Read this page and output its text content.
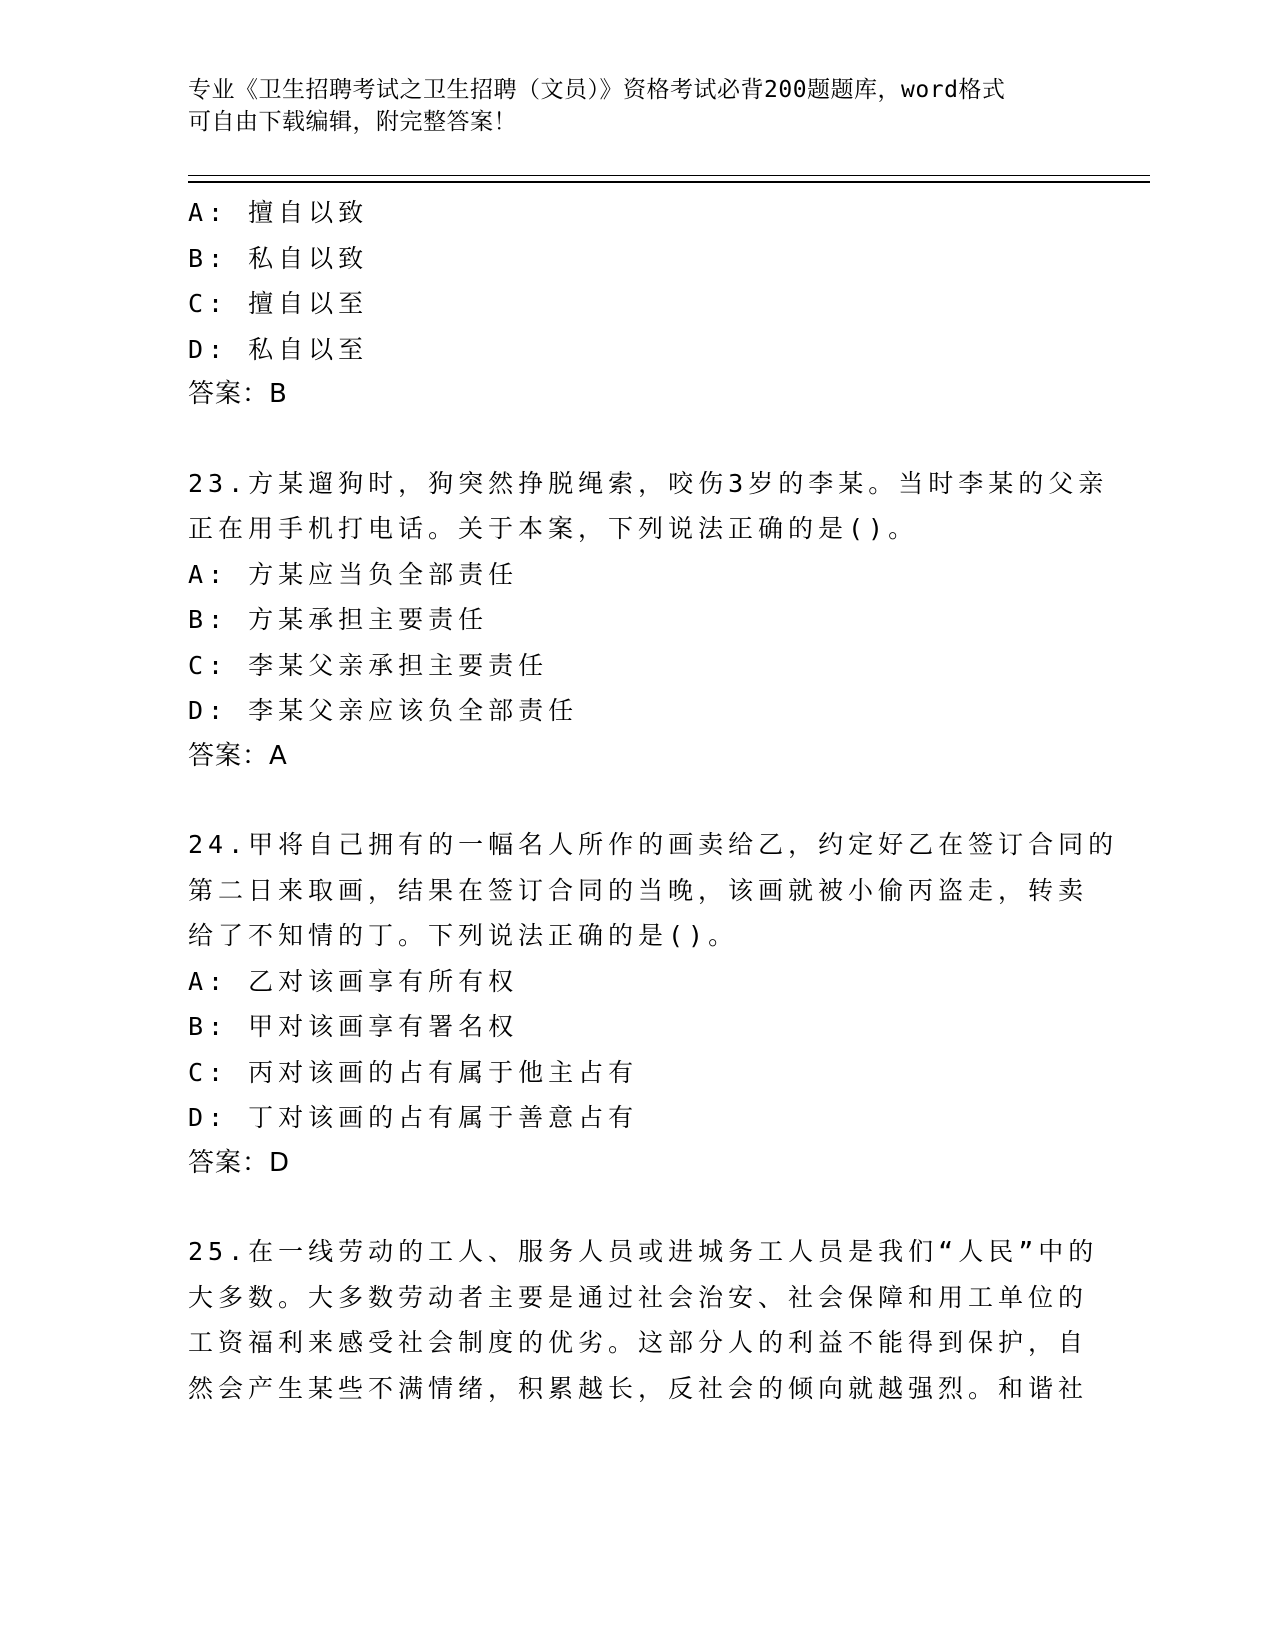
专业《卫生招聘考试之卫生招聘（文员）》资格考试必背200题题库，word格式
可自由下载编辑，附完整答案！
A: 擅自以致
B: 私自以致
C: 擅自以至
D: 私自以至
答案：B
23.方某遛狗时，狗突然挣脱绳索，咬伤3岁的李某。当时李某的父亲
正在用手机打电话。关于本案，下列说法正确的是()。
A: 方某应当负全部责任
B: 方某承担主要责任
C: 李某父亲承担主要责任
D: 李某父亲应该负全部责任
答案：A
24.甲将自己拥有的一幅名人所作的画卖给乙，约定好乙在签订合同的
第二日来取画，结果在签订合同的当晚，该画就被小偷丙盗走，转卖
给了不知情的丁。下列说法正确的是()。
A: 乙对该画享有所有权
B: 甲对该画享有署名权
C: 丙对该画的占有属于他主占有
D: 丁对该画的占有属于善意占有
答案：D
25.在一线劳动的工人、服务人员或进城务工人员是我们“人民”中的
大多数。大多数劳动者主要是通过社会治安、社会保障和用工单位的
工资福利来感受社会制度的优劣。这部分人的利益不能得到保护，自
然会产生某些不满情绪，积累越长，反社会的倾向就越强烈。和谐社
